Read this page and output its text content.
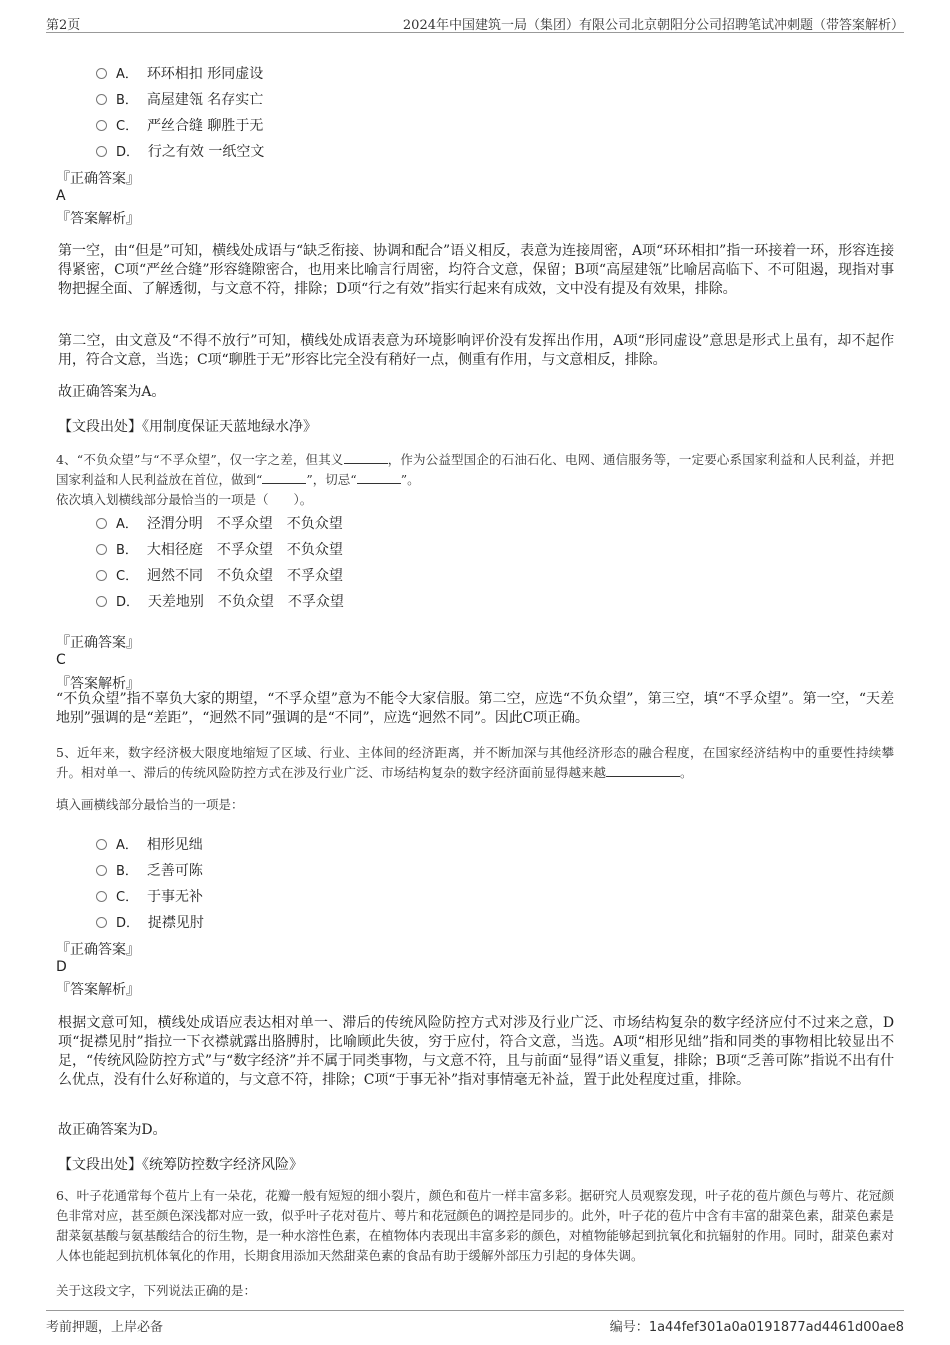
第2页	2024年中国建筑一局（集团）有限公司北京朝阳分公司招聘笔试冲刺题（带答案解析）
A． 环环相扣 形同虚设
B． 高屋建瓴 名存实亡
C． 严丝合缝 聊胜于无
D． 行之有效 一纸空文
『正确答案』
A
『答案解析』
第一空，由“但是”可知，横线处成语与“缺乏衔接、协调和配合”语义相反，表意为连接周密，A项“环环相扣”指一环接着一环，形容连接得紧密，C项“严丝合缝”形容缝隙密合，也用来比喻言行周密，均符合文意，保留；B项“高屋建瓴”比喻居高临下、不可阻遏，现指对事物把握全面、了解透彻，与文意不符，排除；D项“行之有效”指实行起来有成效，文中没有提及有效果，排除。
第二空，由文意及“不得不放行”可知，横线处成语表意为环境影响评价没有发挥出作用，A项“形同虚设”意思是形式上虽有，却不起作用，符合文意，当选；C项“聊胜于无”形容比完全没有稍好一点，侧重有作用，与文意相反，排除。
故正确答案为A。
【文段出处】《用制度保证天蓝地绿水净》
4、“不负众望”与“不孚众望”，仅一字之差，但其义	，作为公益型国企的石油石化、电网、通信服务等，一定要心系国家利益和人民利益，并把国家利益和人民利益放在首位，做到“	”，切忌“	”。
依次填入划横线部分最恰当的一项是（　　）。
A． 泾渭分明　不孚众望　不负众望
B． 大相径庭　不孚众望　不负众望
C． 迥然不同　不负众望　不孚众望
D． 天差地别　不负众望　不孚众望
『正确答案』
C
『答案解析』
“不负众望”指不辜负大家的期望，“不孚众望”意为不能令大家信服。第二空，应选“不负众望”，第三空，填“不孚众望”。第一空，“天差地别”强调的是“差距”，“迥然不同”强调的是“不同”，应选“迥然不同”。因此C项正确。
5、近年来，数字经济极大限度地缩短了区域、行业、主体间的经济距离，并不断加深与其他经济形态的融合程度，在国家经济结构中的重要性持续攀升。相对单一、滞后的传统风险防控方式在涉及行业广泛、市场结构复杂的数字经济面前显得越来越	。
填入画横线部分最恰当的一项是：
A． 相形见绌
B． 乏善可陈
C． 于事无补
D． 捉襟见肘
『正确答案』
D
『答案解析』
根据文意可知，横线处成语应表达相对单一、滞后的传统风险防控方式对涉及行业广泛、市场结构复杂的数字经济应付不过来之意，D项“捉襟见肘”指拉一下衣襟就露出胳膊肘，比喻顾此失彼，穷于应付，符合文意，当选。A项“相形见绌”指和同类的事物相比较显出不足，“传统风险防控方式”与“数字经济”并不属于同类事物，与文意不符，且与前面“显得”语义重复，排除；B项“乏善可陈”指说不出有什么优点，没有什么好称道的，与文意不符，排除；C项“于事无补”指对事情毫无补益，置于此处程度过重，排除。
故正确答案为D。
【文段出处】《统筹防控数字经济风险》
6、叶子花通常每个苞片上有一朵花，花瓣一般有短短的细小裂片，颜色和苞片一样丰富多彩。据研究人员观察发现，叶子花的苞片颜色与萼片、花冠颜色非常对应，甚至颜色深浅都对应一致，似乎叶子花对苞片、萼片和花冠颜色的调控是同步的。此外，叶子花的苞片中含有丰富的甜菜色素，甜菜色素是甜菜氨基酸与氨基酸结合的衍生物，是一种水溶性色素，在植物体内表现出丰富多彩的颜色，对植物能够起到抗氧化和抗辐射的作用。同时，甜菜色素对人体也能起到抗机体氧化的作用，长期食用添加天然甜菜色素的食品有助于缓解外部压力引起的身体失调。
关于这段文字，下列说法正确的是：
考前押题，上岸必备	编号：1a44fef301a0a0191877ad4461d00ae8
